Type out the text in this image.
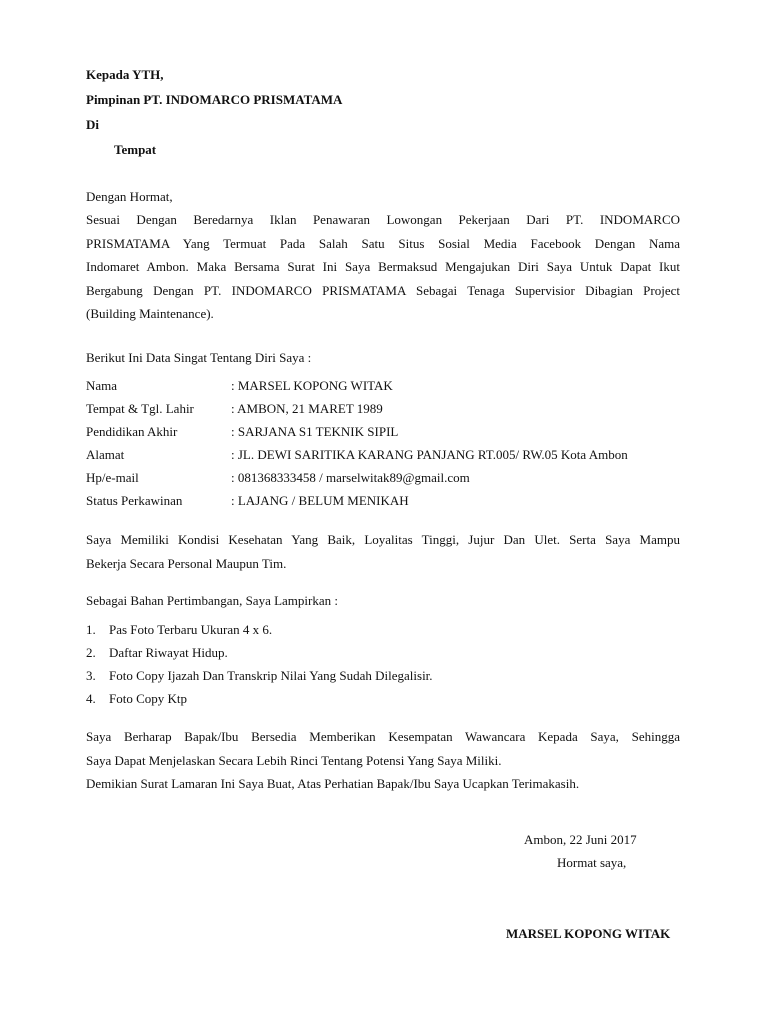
Kepada YTH,
Pimpinan PT. INDOMARCO PRISMATAMA
Di
Tempat
Dengan Hormat,
Sesuai Dengan Beredarnya Iklan Penawaran Lowongan Pekerjaan Dari PT. INDOMARCO
PRISMATAMA Yang Termuat Pada Salah Satu Situs Sosial Media Facebook Dengan Nama
Indomaret Ambon. Maka Bersama Surat Ini Saya Bermaksud Mengajukan Diri Saya Untuk Dapat Ikut
Bergabung Dengan PT. INDOMARCO PRISMATAMA Sebagai Tenaga Supervisior Dibagian Project
(Building Maintenance).
Berikut Ini Data Singat Tentang Diri Saya :
Nama	: MARSEL KOPONG WITAK
Tempat & Tgl. Lahir	: AMBON, 21 MARET 1989
Pendidikan Akhir	: SARJANA S1 TEKNIK SIPIL
Alamat	: JL. DEWI SARITIKA KARANG PANJANG RT.005/ RW.05 Kota Ambon
Hp/e-mail	: 081368333458 / marselwitak89@gmail.com
Status Perkawinan	: LAJANG / BELUM MENIKAH
Saya Memiliki Kondisi Kesehatan Yang Baik, Loyalitas Tinggi, Jujur Dan Ulet. Serta Saya Mampu
Bekerja Secara Personal Maupun Tim.
Sebagai Bahan Pertimbangan, Saya Lampirkan :
1. Pas Foto Terbaru Ukuran 4 x 6.
2. Daftar Riwayat Hidup.
3. Foto Copy Ijazah Dan Transkrip Nilai Yang Sudah Dilegalisir.
4. Foto Copy Ktp
Saya Berharap Bapak/Ibu Bersedia Memberikan Kesempatan Wawancara Kepada Saya, Sehingga
Saya Dapat Menjelaskan Secara Lebih Rinci Tentang Potensi Yang Saya Miliki.
Demikian Surat Lamaran Ini Saya Buat, Atas Perhatian Bapak/Ibu Saya Ucapkan Terimakasih.
Ambon, 22 Juni 2017
Hormat saya,
MARSEL KOPONG WITAK
